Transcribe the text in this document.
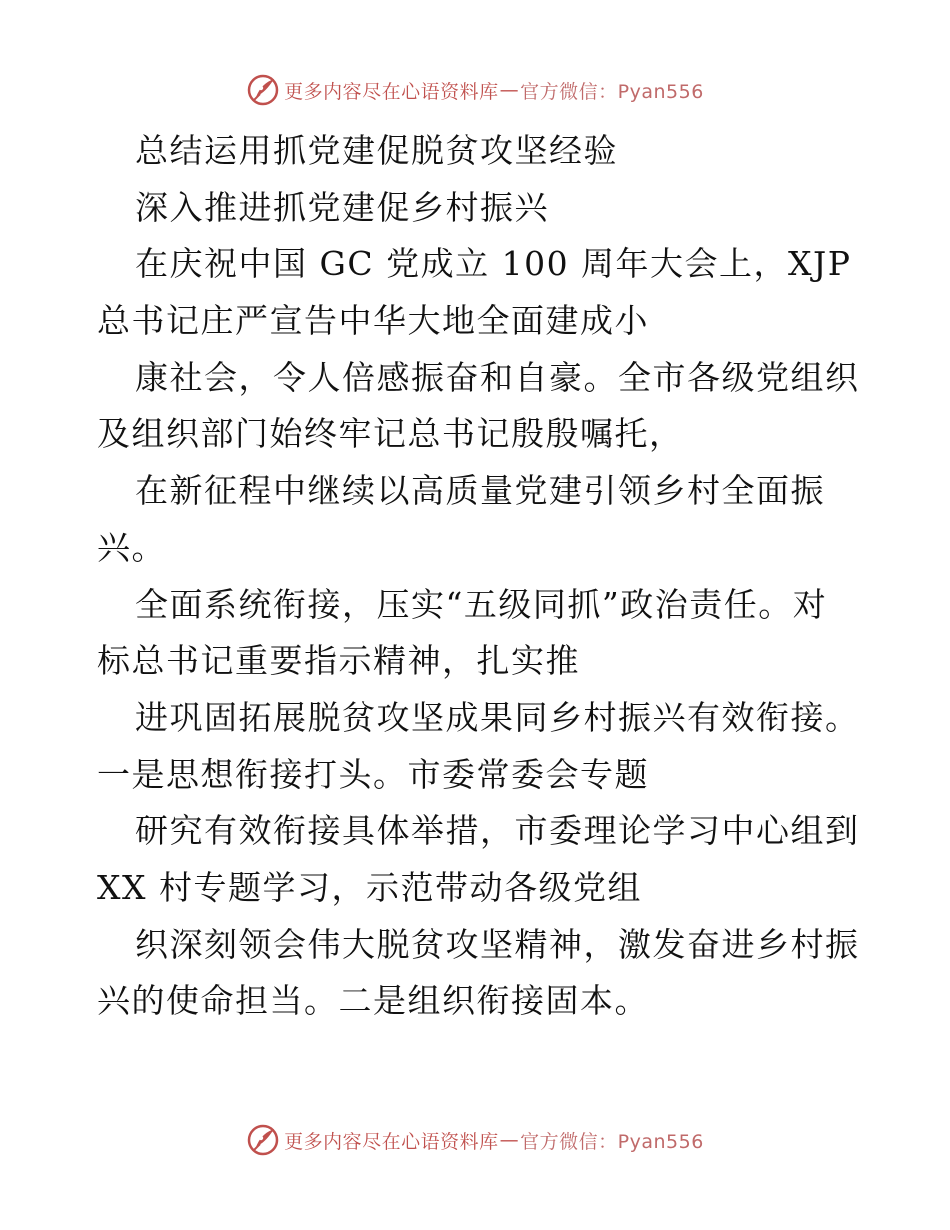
更多内容尽在心语资料库 — 官方微信：Pyan556
总结运用抓党建促脱贫攻坚经验
深入推进抓党建促乡村振兴
在庆祝中国 GC 党成立 100 周年大会上，XJP
总书记庄严宣告中华大地全面建成小
康社会，令人倍感振奋和自豪。全市各级党组织
及组织部门始终牢记总书记殷殷嘱托，
在新征程中继续以高质量党建引领乡村全面振
兴。
全面系统衔接，压实“五级同抓”政治责任。对
标总书记重要指示精神，扎实推
进巩固拓展脱贫攻坚成果同乡村振兴有效衔接。
一是思想衔接打头。市委常委会专题
研究有效衔接具体举措，市委理论学习中心组到
XX 村专题学习，示范带动各级党组
织深刻领会伟大脱贫攻坚精神，激发奋进乡村振
兴的使命担当。二是组织衔接固本。
更多内容尽在心语资料库 — 官方微信：Pyan556
